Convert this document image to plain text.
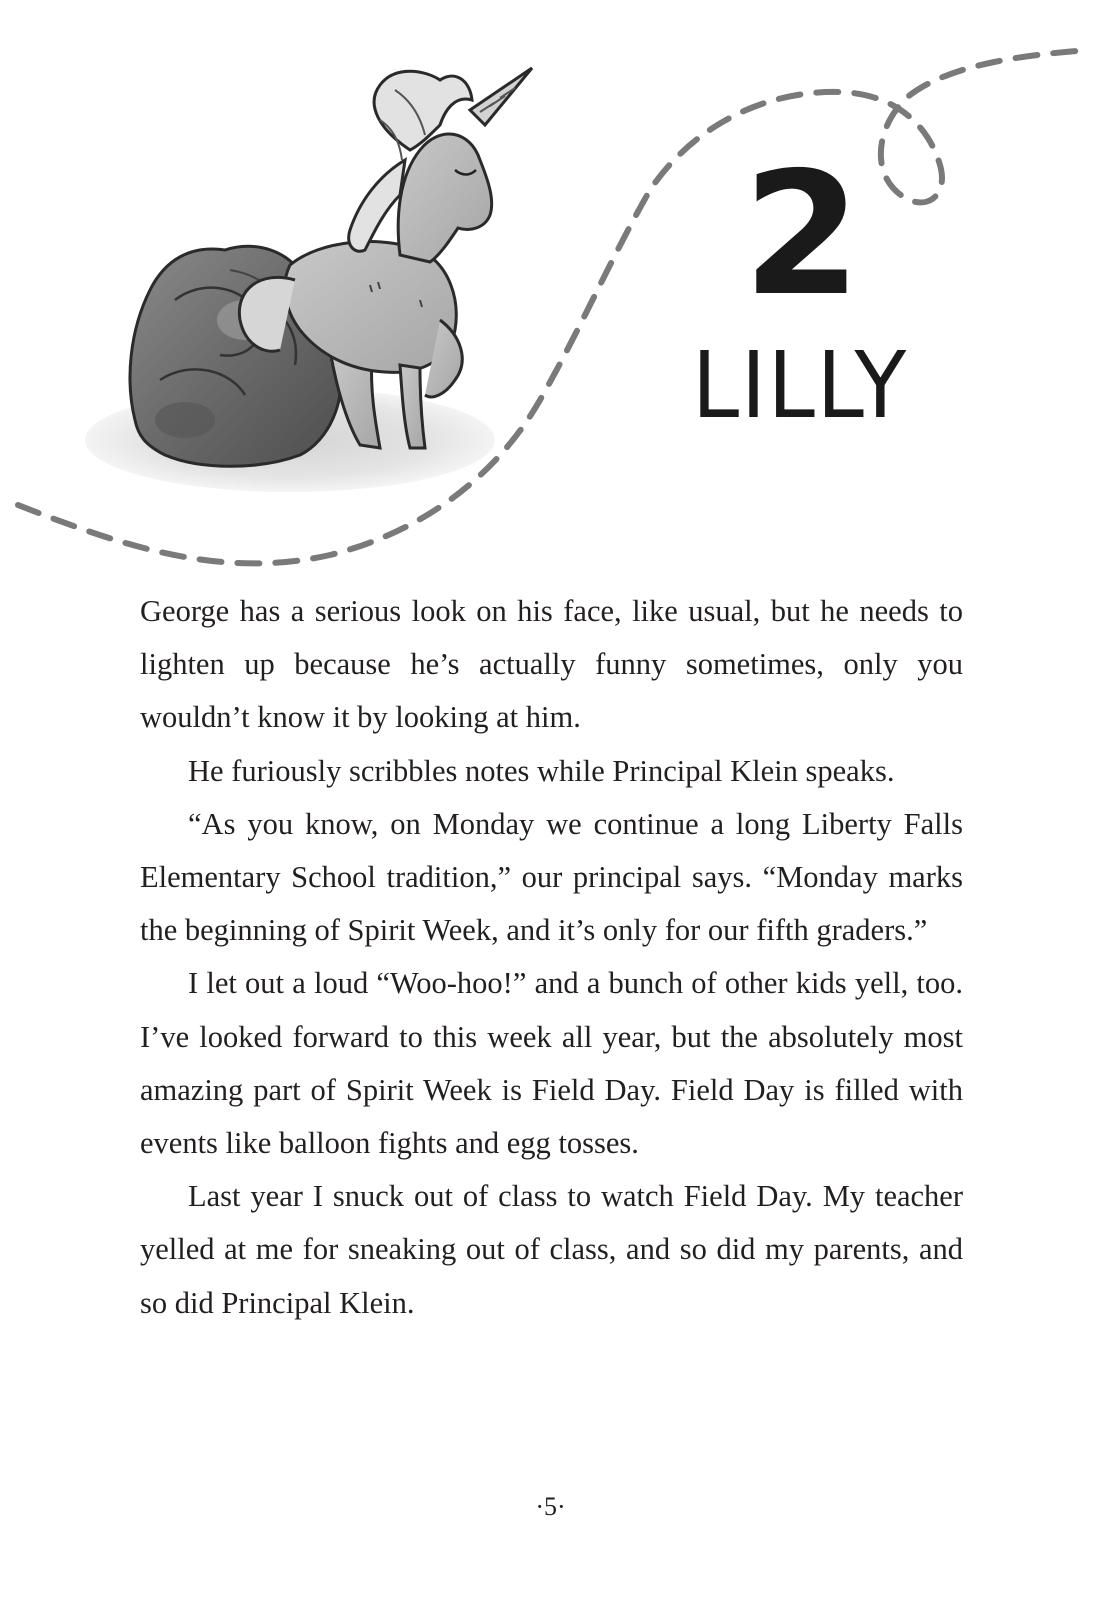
2
LILLY

George has a serious look on his face, like usual, but he needs to lighten up because he’s actually funny sometimes, only you wouldn’t know it by looking at him.

He furiously scribbles notes while Principal Klein speaks.

“As you know, on Monday we continue a long Liberty Falls Elementary School tradition,” our principal says. “Monday marks the beginning of Spirit Week, and it’s only for our fifth graders.”

I let out a loud “Woo-hoo!” and a bunch of other kids yell, too. I’ve looked forward to this week all year, but the absolutely most amazing part of Spirit Week is Field Day. Field Day is filled with events like balloon fights and egg tosses.

Last year I snuck out of class to watch Field Day. My teacher yelled at me for sneaking out of class, and so did my parents, and so did Principal Klein.

·5·
